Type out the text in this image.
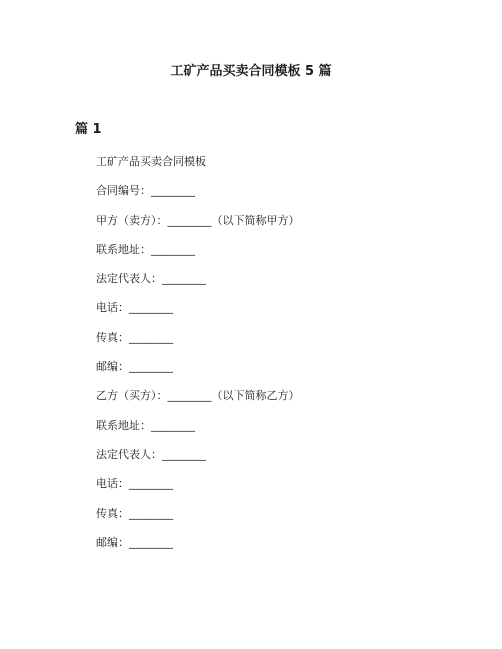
工矿产品买卖合同模板 5 篇
篇 1
工矿产品买卖合同模板
合同编号：________
甲方（卖方）：________（以下简称甲方）
联系地址：________
法定代表人：________
电话：________
传真：________
邮编：________
乙方（买方）：________（以下简称乙方）
联系地址：________
法定代表人：________
电话：________
传真：________
邮编：________
